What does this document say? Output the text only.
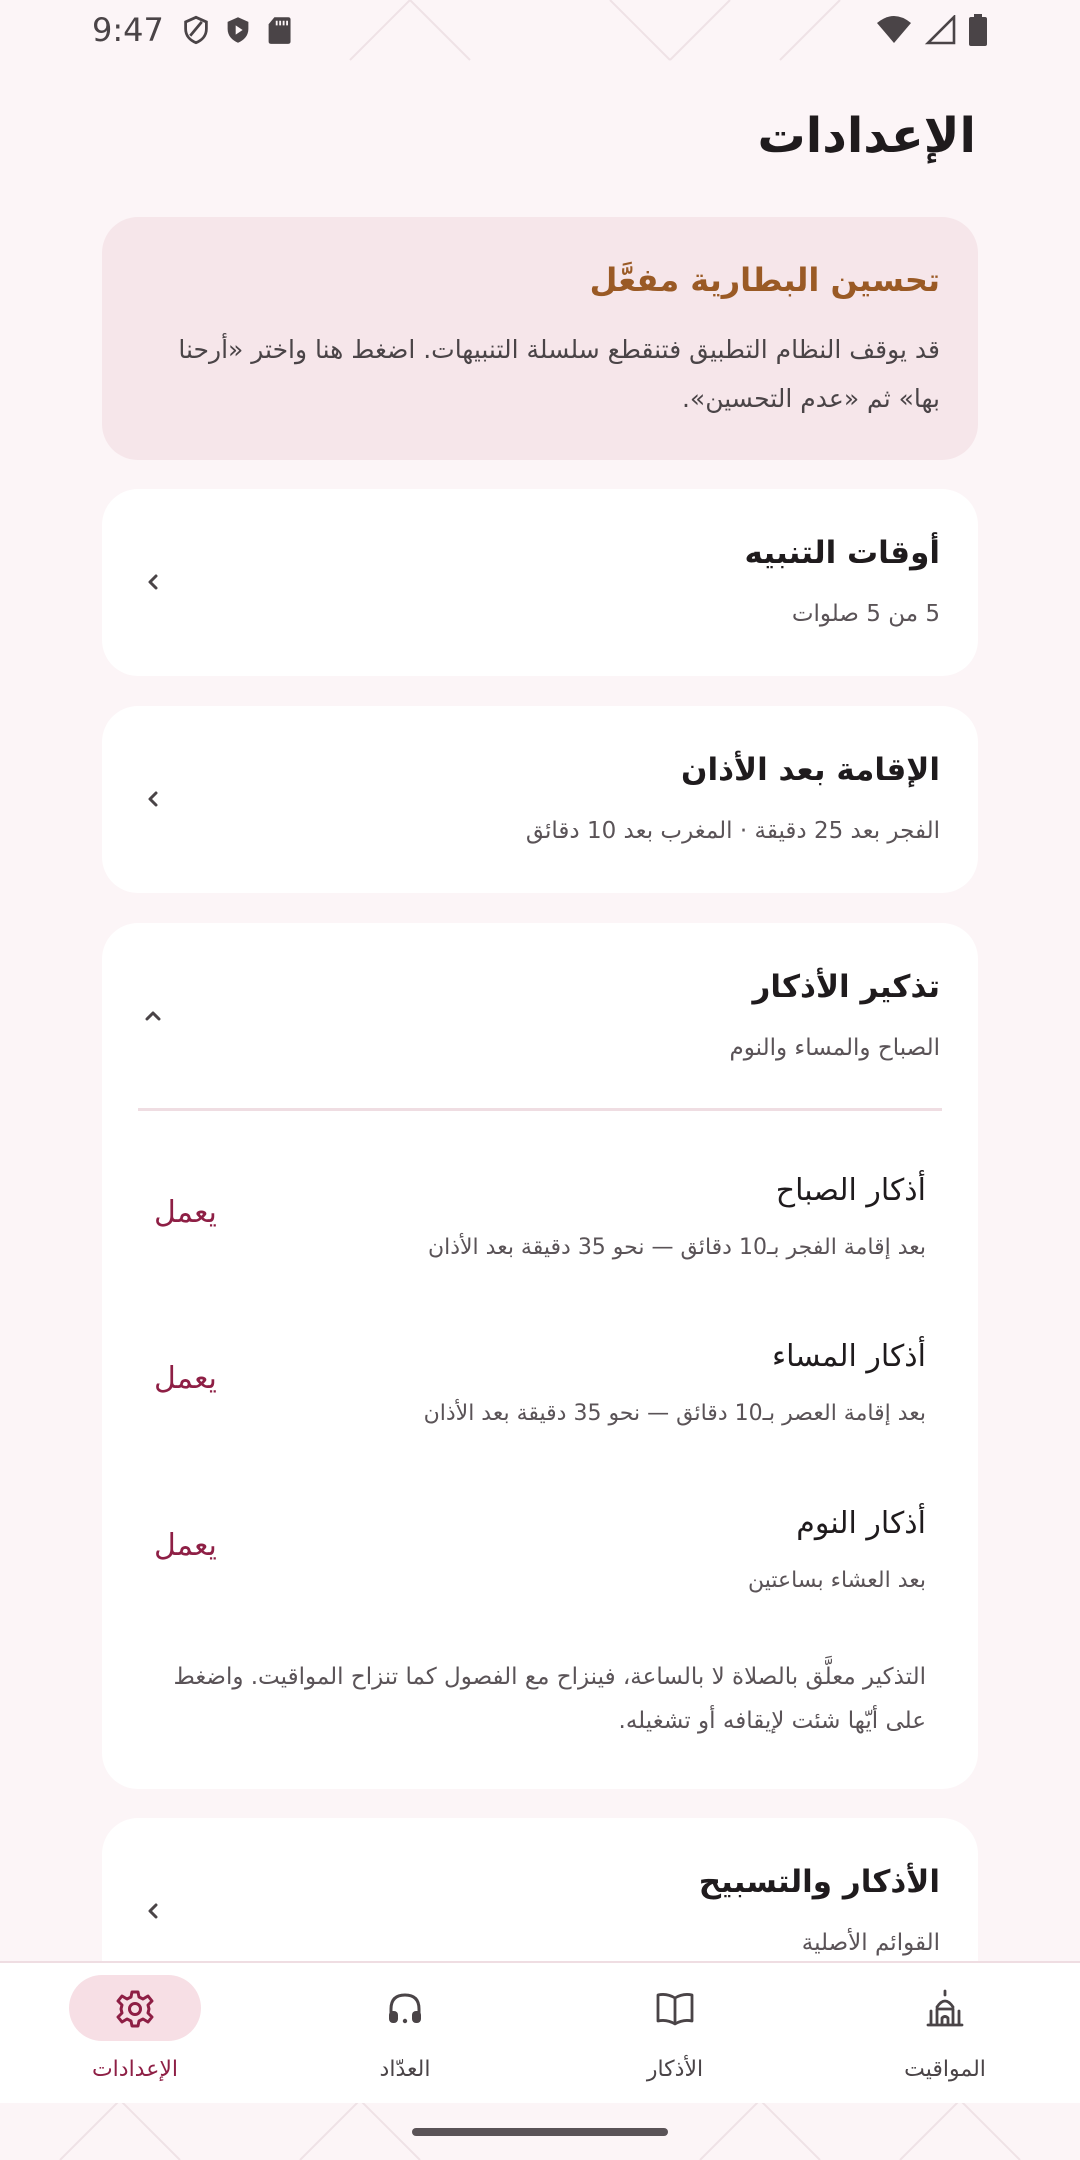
9:47
الإعدادات
تحسين البطارية مفعَّل
قد يوقف النظام التطبيق فتنقطع سلسلة التنبيهات. اضغط هنا واختر «أرحنا بها» ثم «عدم التحسين».
أوقات التنبيه
5 من 5 صلوات
الإقامة بعد الأذان
الفجر بعد 25 دقيقة · المغرب بعد 10 دقائق
تذكير الأذكار
الصباح والمساء والنوم
أذكار الصباح
بعد إقامة الفجر بـ10 دقائق — نحو 35 دقيقة بعد الأذان
يعمل
أذكار المساء
بعد إقامة العصر بـ10 دقائق — نحو 35 دقيقة بعد الأذان
يعمل
أذكار النوم
بعد العشاء بساعتين
يعمل
التذكير معلَّق بالصلاة لا بالساعة، فينزاح مع الفصول كما تنزاح المواقيت. واضغط على أيّها شئت لإيقافه أو تشغيله.
الأذكار والتسبيح
القوائم الأصلية
المواقيت
الأذكار
العدّاد
الإعدادات
